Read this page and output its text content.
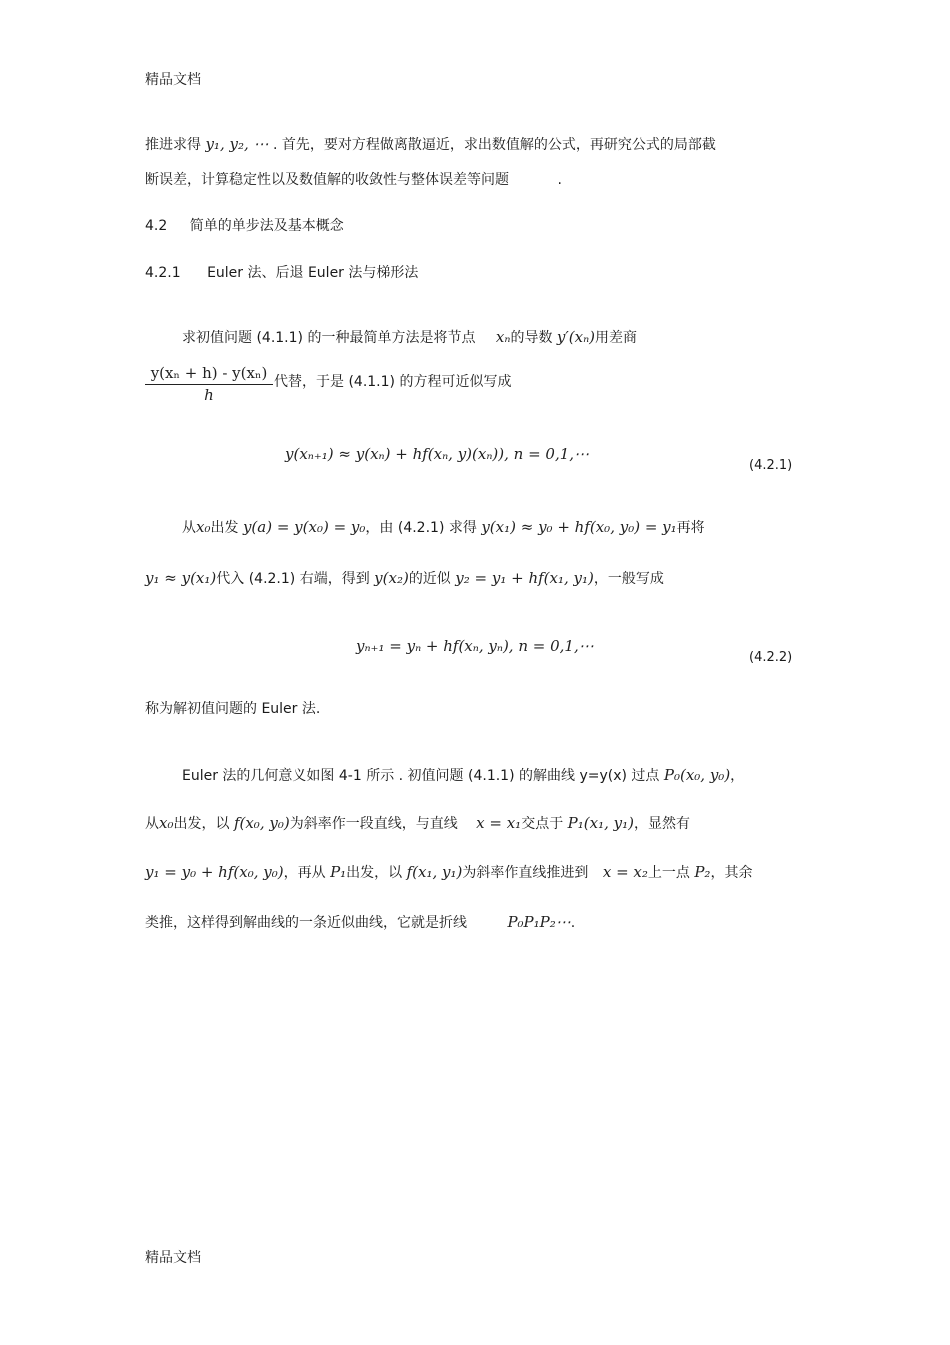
精品文档
推进求得 y₁, y₂, ⋯ . 首先，要对方程做离散逼近，求出数值解的公式，再研究公式的局部截
断误差，计算稳定性以及数值解的收敛性与整体误差等问题	.
4.2 简单的单步法及基本概念
4.2.1 Euler 法、后退 Euler 法与梯形法
求初值问题 (4.1.1) 的一种最简单方法是将节点 xₙ的导数 y′(xₙ)用差商
$\frac{\text{y(xₙ + h) - y(xₙ)}}{h}$ 代替，于是 (4.1.1) 的方程可近似写成
y(xₙ₊₁) ≈ y(xₙ) + hf(xₙ, y)(xₙ)), n = 0,1,⋯
(4.2.1)
从x₀出发 y(a) = y(x₀) = y₀，由 (4.2.1) 求得 y(x₁) ≈ y₀ + hf(x₀, y₀) = y₁再将
y₁ ≈ y(x₁)代入 (4.2.1) 右端，得到 y(x₂)的近似 y₂ = y₁ + hf(x₁, y₁)，一般写成
yₙ₊₁ = yₙ + hf(xₙ, yₙ), n = 0,1,⋯
(4.2.2)
称为解初值问题的 Euler 法.
Euler 法的几何意义如图 4-1 所示 . 初值问题 (4.1.1) 的解曲线 y=y(x) 过点 P₀(x₀, y₀)，
从x₀出发，以 f(x₀, y₀)为斜率作一段直线，与直线 x = x₁交点于 P₁(x₁, y₁)，显然有
y₁ = y₀ + hf(x₀, y₀)，再从 P₁出发，以 f(x₁, y₁)为斜率作直线推进到 x = x₂上一点 P₂，其余
类推，这样得到解曲线的一条近似曲线，它就是折线	P₀P₁P₂⋯.
精品文档
